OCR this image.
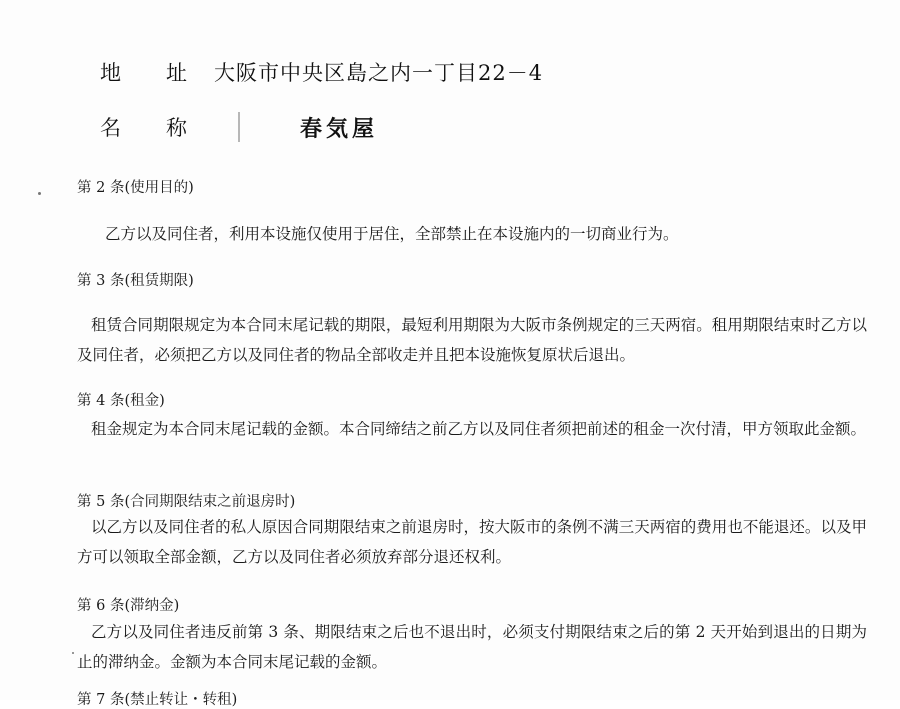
地	址	大阪市中央区島之内一丁目22－4
名	称	春気屋
第 2 条(使用目的)
乙方以及同住者，利用本设施仅使用于居住，全部禁止在本设施内的一切商业行为。
第 3 条(租赁期限)
租赁合同期限规定为本合同末尾记载的期限，最短利用期限为大阪市条例规定的三天两宿。租用期限结束时乙方以及同住者，必须把乙方以及同住者的物品全部收走并且把本设施恢复原状后退出。
第 4 条(租金)
租金规定为本合同末尾记载的金额。本合同缔结之前乙方以及同住者须把前述的租金一次付清，甲方领取此金额。
第 5 条(合同期限结束之前退房时)
以乙方以及同住者的私人原因合同期限结束之前退房时，按大阪市的条例不满三天两宿的费用也不能退还。以及甲方可以领取全部金额，乙方以及同住者必须放弃部分退还权利。
第 6 条(滞纳金)
乙方以及同住者违反前第 3 条、期限结束之后也不退出时，必须支付期限结束之后的第 2 天开始到退出的日期为止的滞纳金。金额为本合同末尾记载的金额。
第 7 条(禁止转让・转租)
